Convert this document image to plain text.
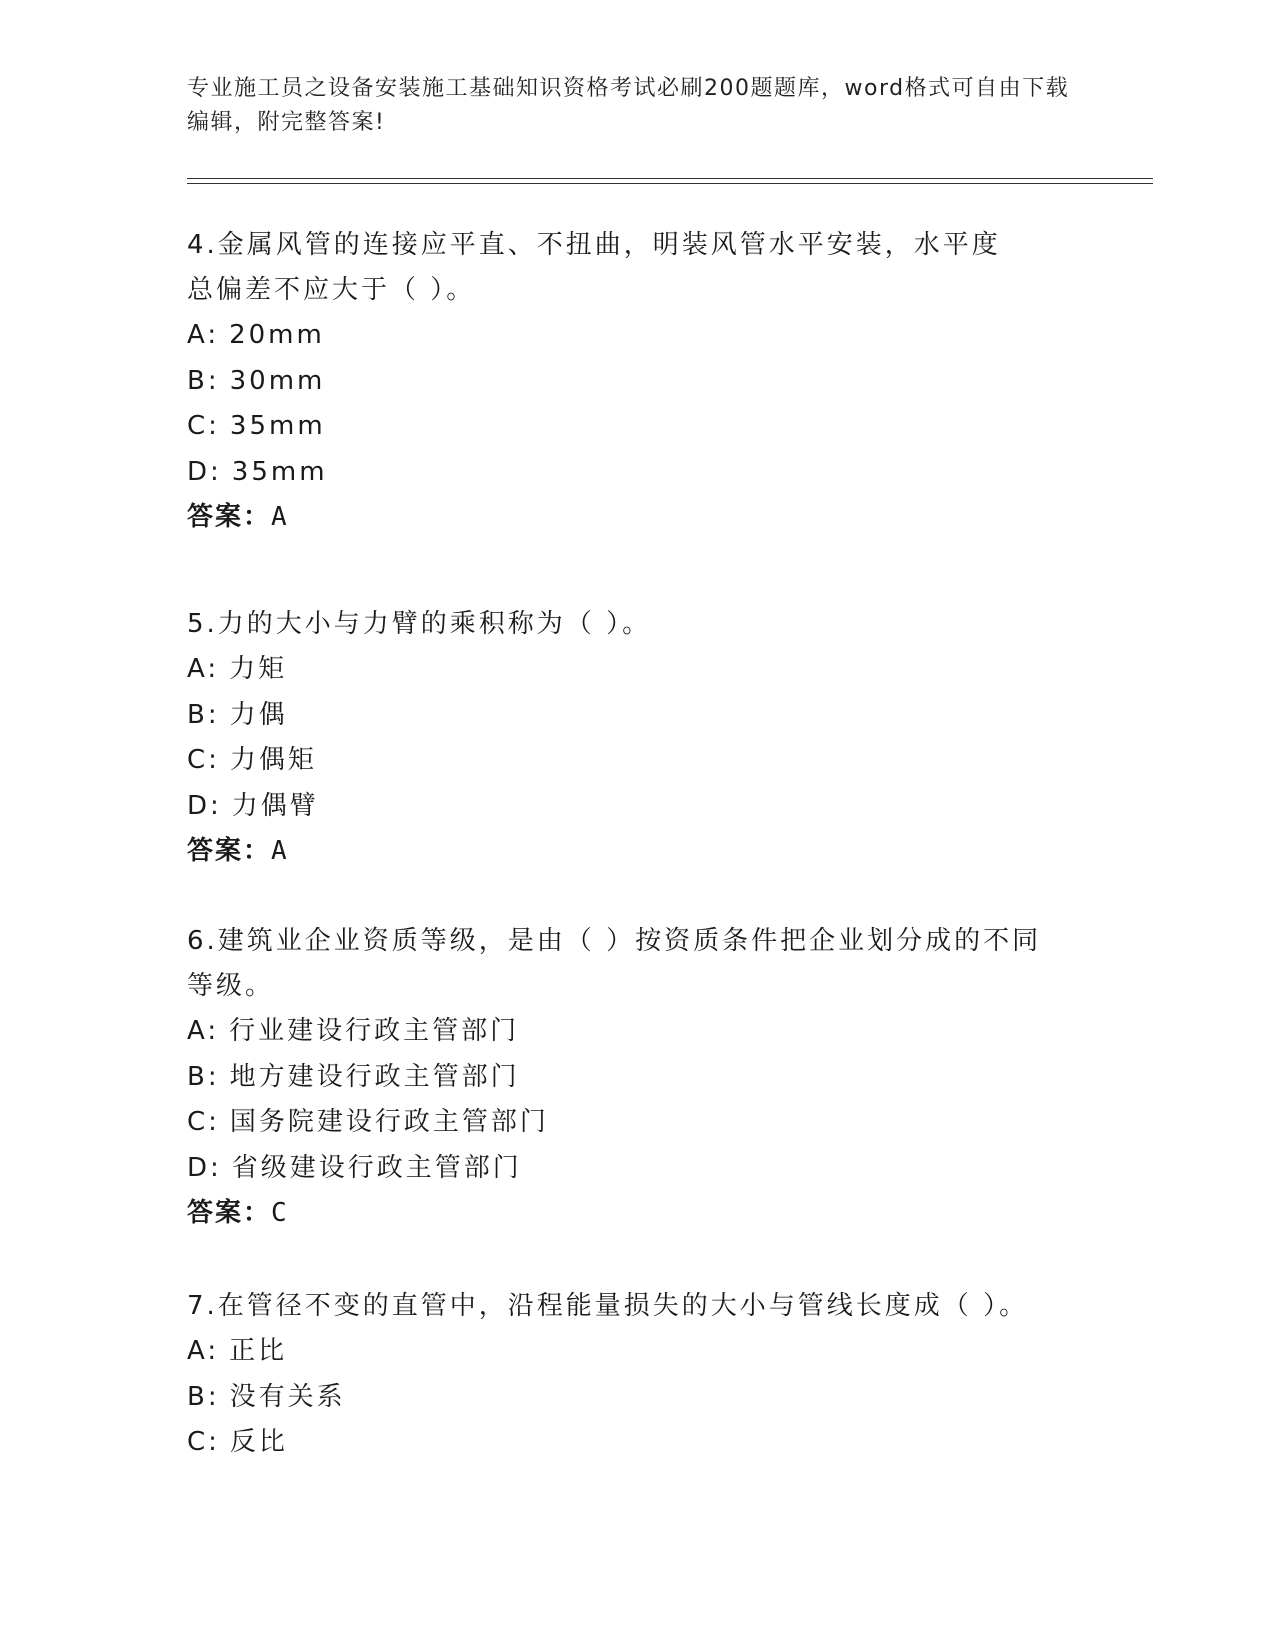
专业施工员之设备安装施工基础知识资格考试必刷200题题库，word格式可自由下载编辑，附完整答案!

4.金属风管的连接应平直、不扭曲，明装风管水平安装，水平度总偏差不应大于（ ）。

A: 20mm
B: 30mm
C: 35mm
D: 35mm
答案：A

5.力的大小与力臂的乘积称为（ ）。

A: 力矩
B: 力偶
C: 力偶矩
D: 力偶臂
答案：A

6.建筑业企业资质等级，是由（ ）按资质条件把企业划分成的不同等级。

A: 行业建设行政主管部门
B: 地方建设行政主管部门
C: 国务院建设行政主管部门
D: 省级建设行政主管部门
答案：C

7.在管径不变的直管中，沿程能量损失的大小与管线长度成（ ）。

A: 正比
B: 没有关系
C: 反比
